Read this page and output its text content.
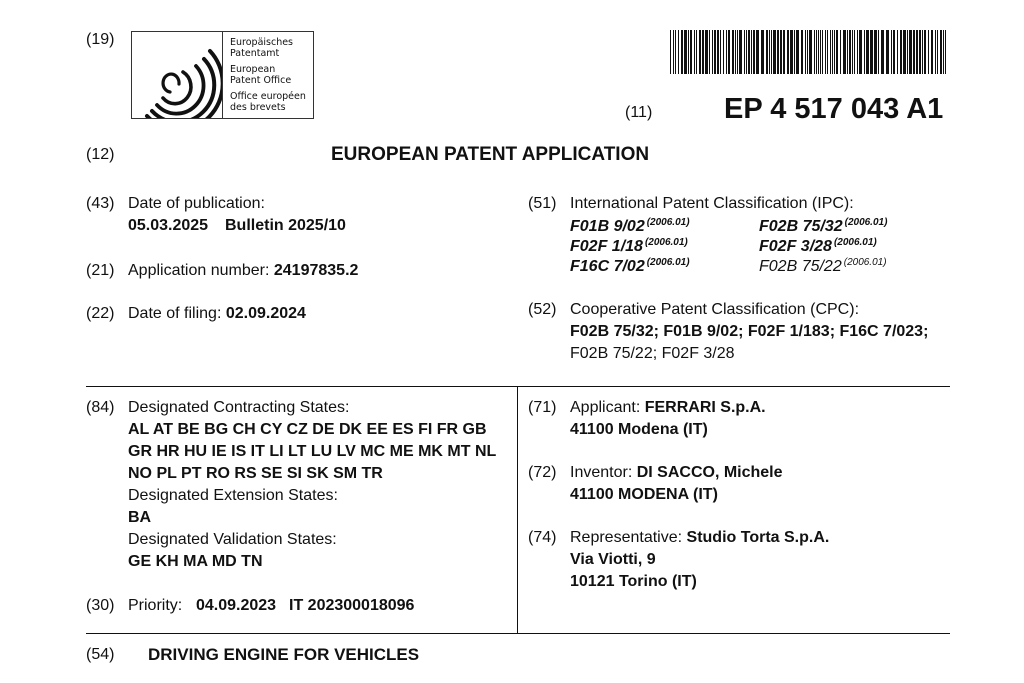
(19)	Europäisches
Patentamt
European
Patent Office
Office européen
des brevets	(11) EP 4 517 043 A1
(12)	EUROPEAN PATENT APPLICATION
(43) Date of publication:
05.03.2025 Bulletin 2025/10
(21) Application number: 24197835.2
(22) Date of filing: 02.09.2024
(51) International Patent Classification (IPC):
F01B 9/02 $^{(2006.01)}$	F02B 75/32 $^{(2006.01)}$
F02F 1/18 $^{(2006.01)}$	F02F 3/28 $^{(2006.01)}$
F16C 7/02 $^{(2006.01)}$	F02B 75/22 $^{(2006.01)}$
(52) Cooperative Patent Classification (CPC):
F02B 75/32; F01B 9/02; F02F 1/183; F16C 7/023;
F02B 75/22; F02F 3/28
(84) Designated Contracting States:
AL AT BE BG CH CY CZ DE DK EE ES FI FR GB
GR HR HU IE IS IT LI LT LU LV MC ME MK MT NL
NO PL PT RO RS SE SI SK SM TR
Designated Extension States:
BA
Designated Validation States:
GE KH MA MD TN
(30) Priority: 04.09.2023 IT 202300018096
(71) Applicant: FERRARI S.p.A.
41100 Modena (IT)
(72) Inventor: DI SACCO, Michele
41100 MODENA (IT)
(74) Representative: Studio Torta S.p.A.
Via Viotti, 9
10121 Torino (IT)
(54) DRIVING ENGINE FOR VEHICLES
